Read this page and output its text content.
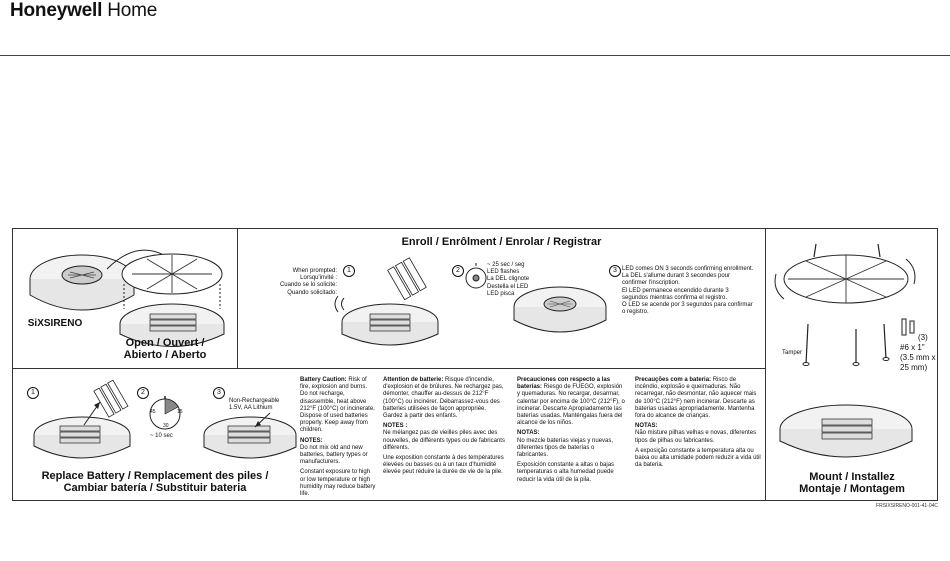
Honeywell Home
SiXSIRENO
Open / Ouvert /
Abierto / Aberto
Enroll / Enrôlment / Enrolar / Registrar
When prompted:
Lorsqu'invité :
Cuando se lo solicite:
Quando solicitado:
1	2
~ 25 sec / seg
LED flashes
La DEL clignote
Destella el LED
LED pisca
3 LED comes ON 3 seconds confirming enrollment.
La DEL s'allume durant 3 secondes pour
confirmer l'inscription.
El LED permanece encendido durante 3
segundos mientras confirma el registro.
O LED se acende por 3 segundos para confirmar
o registro.
Tamper
(3)
#6 x 1"
(3.5 mm x
25 mm)
Mount / Installez
Montaje / Montagem
1	2
45	15
30
~ 10 sec
3
Non-Rechargeable
1.5V, AA Lithium
Replace Battery / Remplacement des piles /
Cambiar batería / Substituir bateria

Battery Caution: Risk of fire, explosion and burns. Do not recharge, disassemble, heat above 212°F (100°C) or incinerate. Dispose of used batteries properly. Keep away from children.

NOTES:

Do not mix old and new batteries, battery types or manufacturers.

Constant exposure to high or low temperature or high humidity may reduce battery life.

Attention de batterie: Risque d'incendie, d'explosion et de brûlures. Ne rechargez pas, démonter, chauffer au-dessus de 212°F (100°C) ou incinérer. Débarrassez-vous des batteries utilisées de façon appropriée. Gardez à partir des enfants.

NOTES :

Ne mélangez pas de vieilles piles avec des nouvelles, de différents types ou de fabricants différents.

Une exposition constante à des températures élevées ou basses ou à un taux d'humidité élevée peut réduire la durée de vie de la pile.

Precauciones con respecto a las baterías: Riesgo de FUEGO, explosión y quemaduras. No recargar, desarmar, calentar por encima de 100°C (212°F), o incinerar. Descarte Apropiadamente las baterías usadas. Manténgalas fuera del alcance de los niños.

NOTAS:

No mezcle baterías viejas y nuevas, diferentes tipos de baterías o fabricantes.

Exposición constante a altas o bajas temperaturas o alta humedad puede reducir la vida útil de la pila.

Precauções com a bateria: Risco de incêndio, explosão e queimaduras. Não recarregar, não desmontar, não aquecer mais de 100°C (212°F) nem incinerar. Descarte as baterias usadas apropriadamente. Mantenha fora do alcance de crianças.

NOTAS:

Não misture pilhas velhas e novas, diferentes tipos de pilhas ou fabricantes.

A exposição constante a temperatura alta ou baixa ou alta umidade podem reduzir a vida útil da bateria.

FRSIXSIRENO-001-41-04C
